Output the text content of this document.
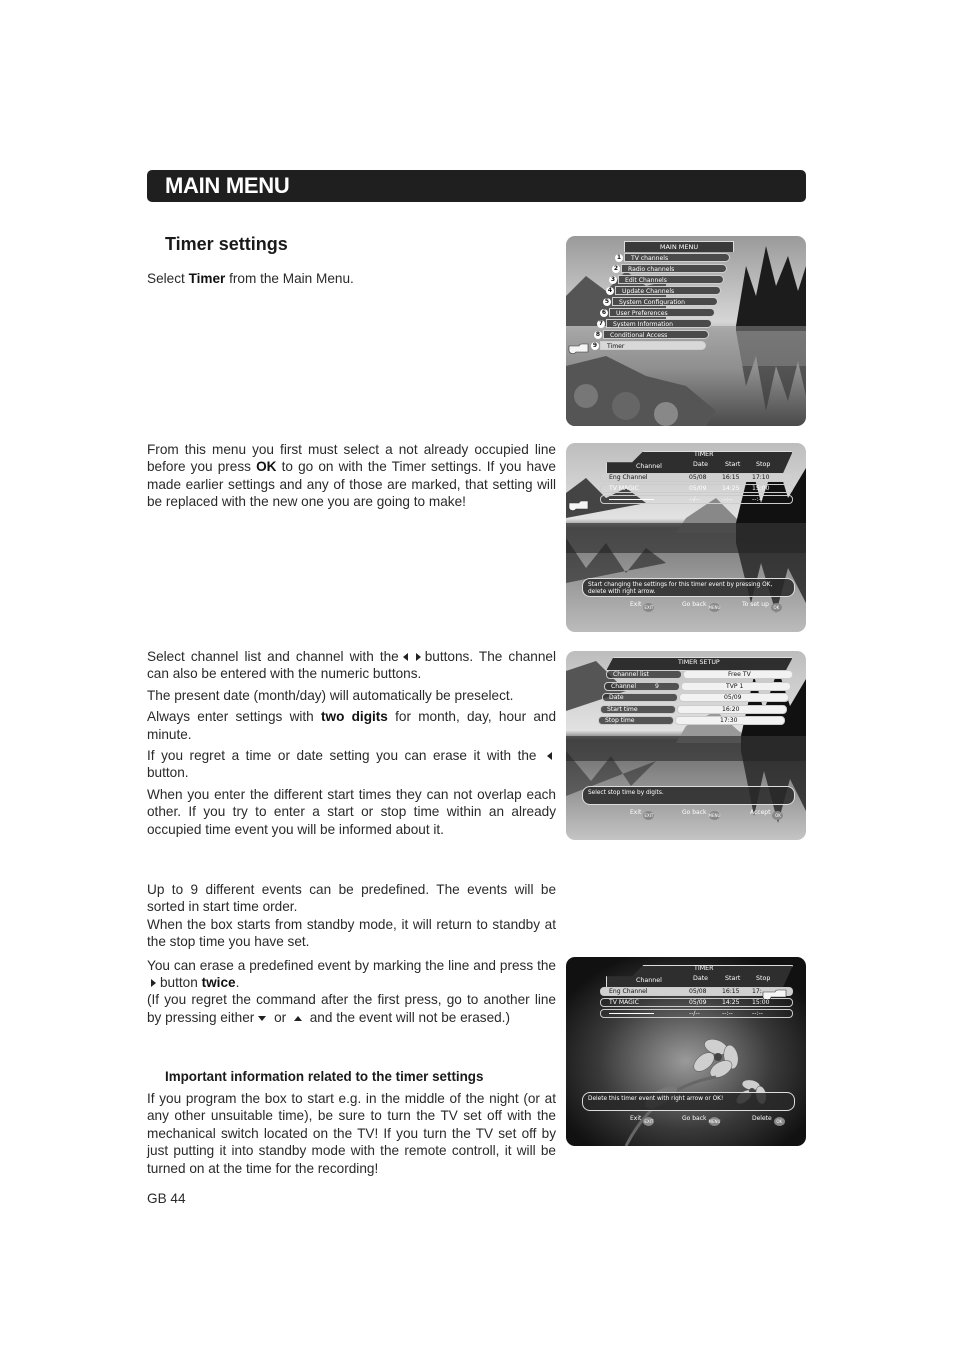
MAIN MENU
Timer settings
Select Timer from the Main Menu.
From this menu you first must select a not already occupied line before you press OK to go on with the Timer settings. If you have made earlier settings and any of those are marked, that setting will be replaced with the new one you are going to make!

Select channel list and channel with the buttons. The channel can also be entered with the numeric buttons.

The present date (month/day) will automatically be preselect.

Always enter settings with two digits for month, day, hour and minute.

If you regret a time or date setting you can erase it with the button.

When you enter the different start times they can not overlap each other. If you try to enter a start or stop time within an already occupied time event you will be informed about it.

Up to 9 different events can be predefined. The events will be sorted in start time order.

When the box starts from standby mode, it will return to standby at the stop time you have set.

You can erase a predefined event by marking the line and press thebutton twice.

(If you regret the command after the first press, go to another line by pressing either or and the event will not be erased.)

Important information related to the timer settings
If you program the box to start e.g. in the middle of the night (or at any other unsuitable time), be sure to turn the TV set off with the mechanical switch located on the TV! If you turn the TV set off by just putting it into standby mode with the remote controll, it will be turned on at the time for the recording!
GB 44
MAIN MENU
1	TV channels
2	Radio channels
3	Edit Channels
4	Update Channels
5	System Configuration
6	User Preferences
7	System Information
8	Conditional Access
9	Timer
TIMER
Channel	Date	Start Stop
Eng Channel	05/08	16:15 17:10
TV MAGIC	05/09	14:25 15:00
--/--	--:--	--:--
Start changing the settings for this timer event by pressing OK, delete with right arrow.
Exit EXIT	Go back MENU	To set up	OK
TIMER SETUP
Channel list	Free TV
Channel	9	TVP 1
Date	05/09
Start time	16:20
Stop time	17:30
Select stop time by digits.
Exit EXIT	Go back MENU	Accept	OK
TIMER
Channel	Date	Start Stop
Eng Channel	05/08	16:15 17:
TV MAGIC	05/09	14:25 15:00
--/--	--:--	--:--
Delete this timer event with right arrow or OK!
Exit EXIT	Go back MENU	Delete	OK
